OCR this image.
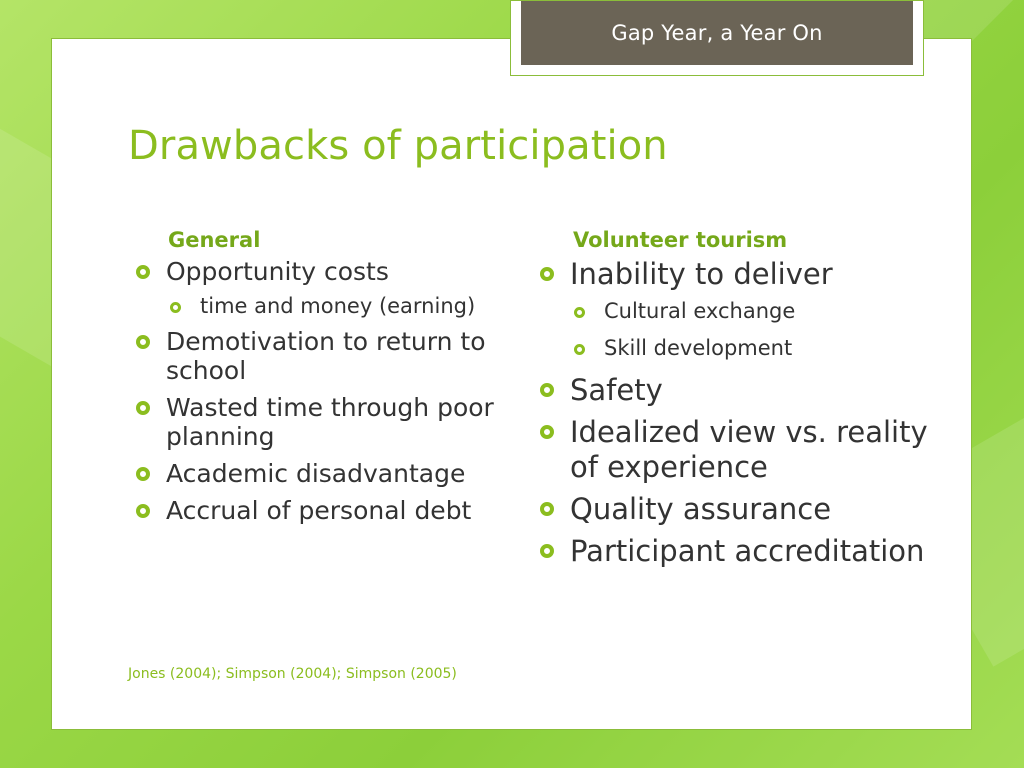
Gap Year, a Year On
Drawbacks of participation
General
Opportunity costs
time and money (earning)
Demotivation to return to school
Wasted time through poor planning
Academic disadvantage
Accrual of personal debt
Volunteer tourism
Inability to deliver
Cultural exchange
Skill development
Safety
Idealized view vs. reality of experience
Quality assurance
Participant accreditation
Jones (2004); Simpson (2004); Simpson (2005)
